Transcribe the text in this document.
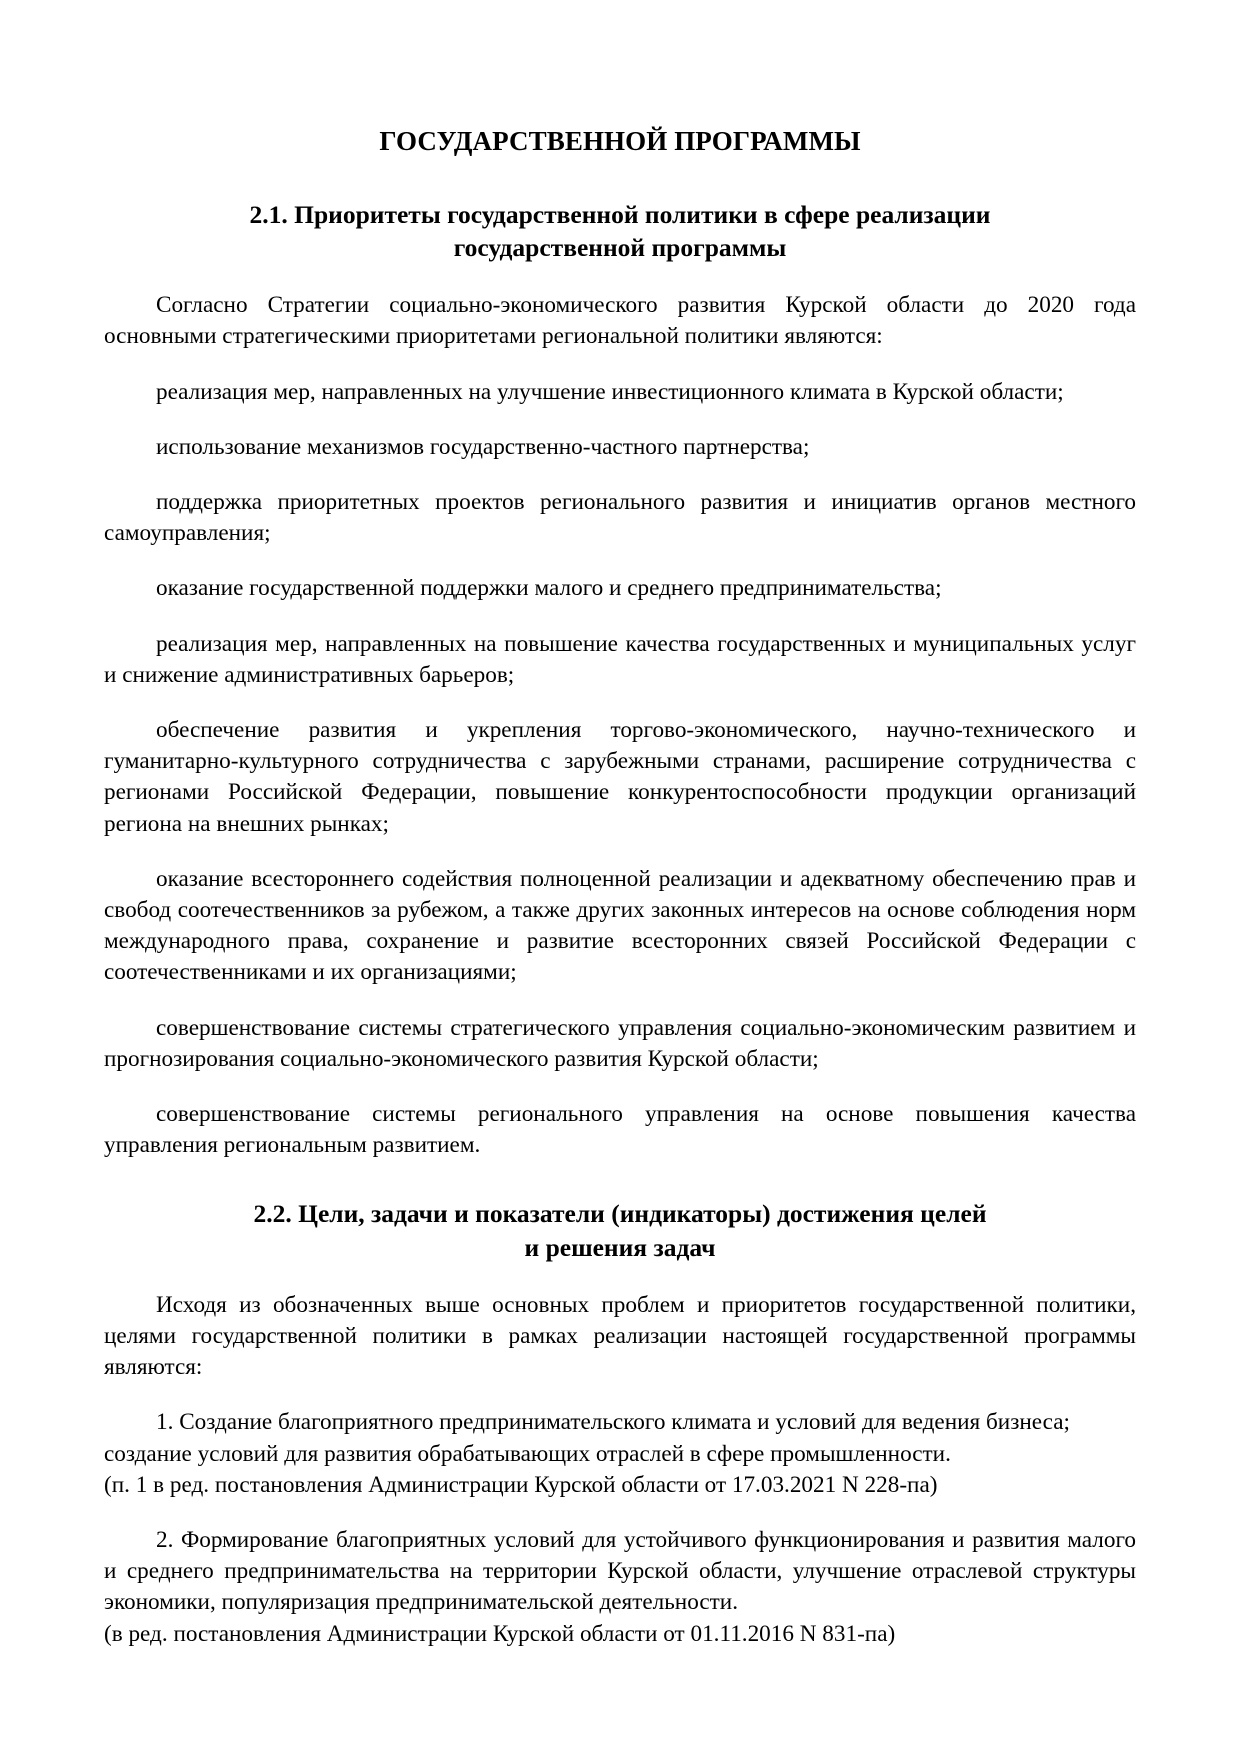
ГОСУДАРСТВЕННОЙ ПРОГРАММЫ
2.1. Приоритеты государственной политики в сфере реализации
государственной программы

Согласно Стратегии социально-экономического развития Курской области до 2020 года основными стратегическими приоритетами региональной политики являются:

реализация мер, направленных на улучшение инвестиционного климата в Курской области;

использование механизмов государственно-частного партнерства;

поддержка приоритетных проектов регионального развития и инициатив органов местного самоуправления;

оказание государственной поддержки малого и среднего предпринимательства;

реализация мер, направленных на повышение качества государственных и муниципальных услуг и снижение административных барьеров;

обеспечение развития и укрепления торгово-экономического, научно-технического и гуманитарно-культурного сотрудничества с зарубежными странами, расширение сотрудничества с регионами Российской Федерации, повышение конкурентоспособности продукции организаций региона на внешних рынках;

оказание всестороннего содействия полноценной реализации и адекватному обеспечению прав и свобод соотечественников за рубежом, а также других законных интересов на основе соблюдения норм международного права, сохранение и развитие всесторонних связей Российской Федерации с соотечественниками и их организациями;

совершенствование системы стратегического управления социально-экономическим развитием и прогнозирования социально-экономического развития Курской области;

совершенствование системы регионального управления на основе повышения качества управления региональным развитием.

2.2. Цели, задачи и показатели (индикаторы) достижения целей
и решения задач

Исходя из обозначенных выше основных проблем и приоритетов государственной политики, целями государственной политики в рамках реализации настоящей государственной программы являются:

1. Создание благоприятного предпринимательского климата и условий для ведения бизнеса; создание условий для развития обрабатывающих отраслей в сфере промышленности.

(п. 1 в ред. постановления Администрации Курской области от 17.03.2021 N 228-па)

2. Формирование благоприятных условий для устойчивого функционирования и развития малого и среднего предпринимательства на территории Курской области, улучшение отраслевой структуры экономики, популяризация предпринимательской деятельности.

(в ред. постановления Администрации Курской области от 01.11.2016 N 831-па)
